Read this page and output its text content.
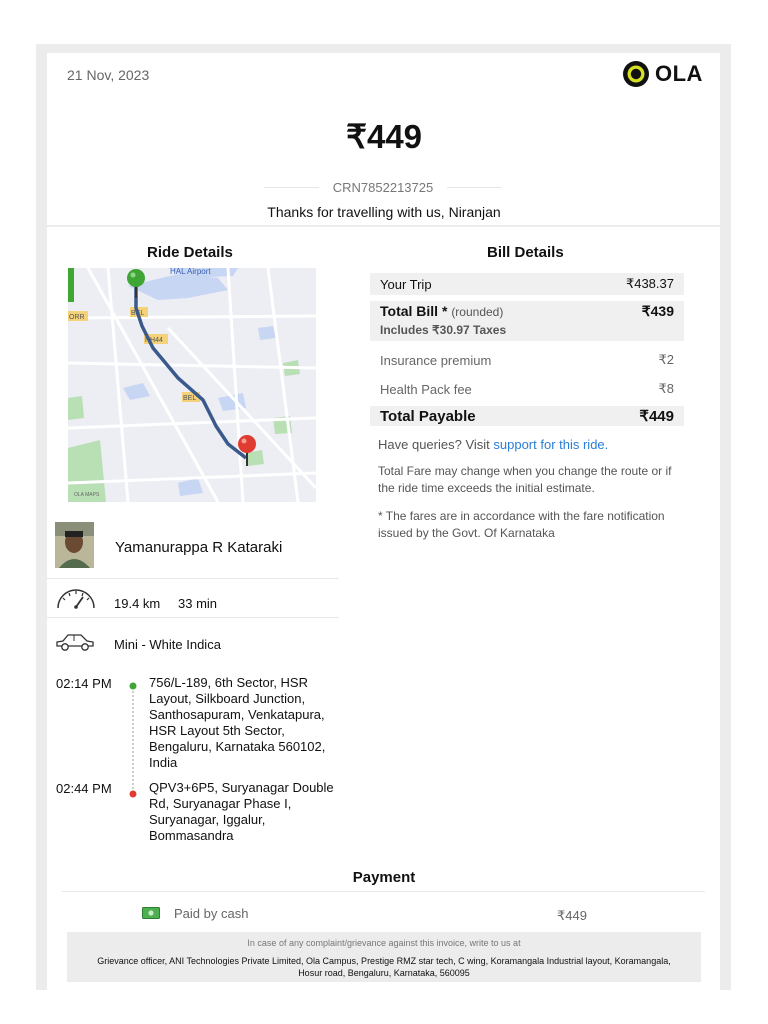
21 Nov, 2023	OLA
₹449
CRN7852213725
Thanks for travelling with us, Niranjan
Ride Details
ORR
BEL
NH44
BEL
HAL Airport
OLA MAPS
Yamanurappa R Kataraki
19.4 km 33 min
Mini - White Indica
02:14 PM	756/L-189, 6th Sector, HSR Layout, Silkboard Junction, Santhosapuram, Venkatapura, HSR Layout 5th Sector, Bengaluru, Karnataka 560102, India
02:44 PM	QPV3+6P5, Suryanagar Double Rd, Suryanagar Phase I, Suryanagar, Iggalur, Bommasandra
Bill Details
Your Trip	₹438.37
Total Bill * (rounded)	₹439
Includes ₹30.97 Taxes
Insurance premium	₹2
Health Pack fee	₹8
Total Payable	₹449
Have queries? Visit support for this ride.
Total Fare may change when you change the route or if the ride time exceeds the initial estimate.
* The fares are in accordance with the fare notification issued by the Govt. Of Karnataka
Payment
Paid by cash	₹449
In case of any complaint/grievance against this invoice, write to us at
Grievance officer, ANI Technologies Private Limited, Ola Campus, Prestige RMZ star tech, C wing, Koramangala Industrial layout, Koramangala, Hosur road, Bengaluru, Karnataka, 560095
